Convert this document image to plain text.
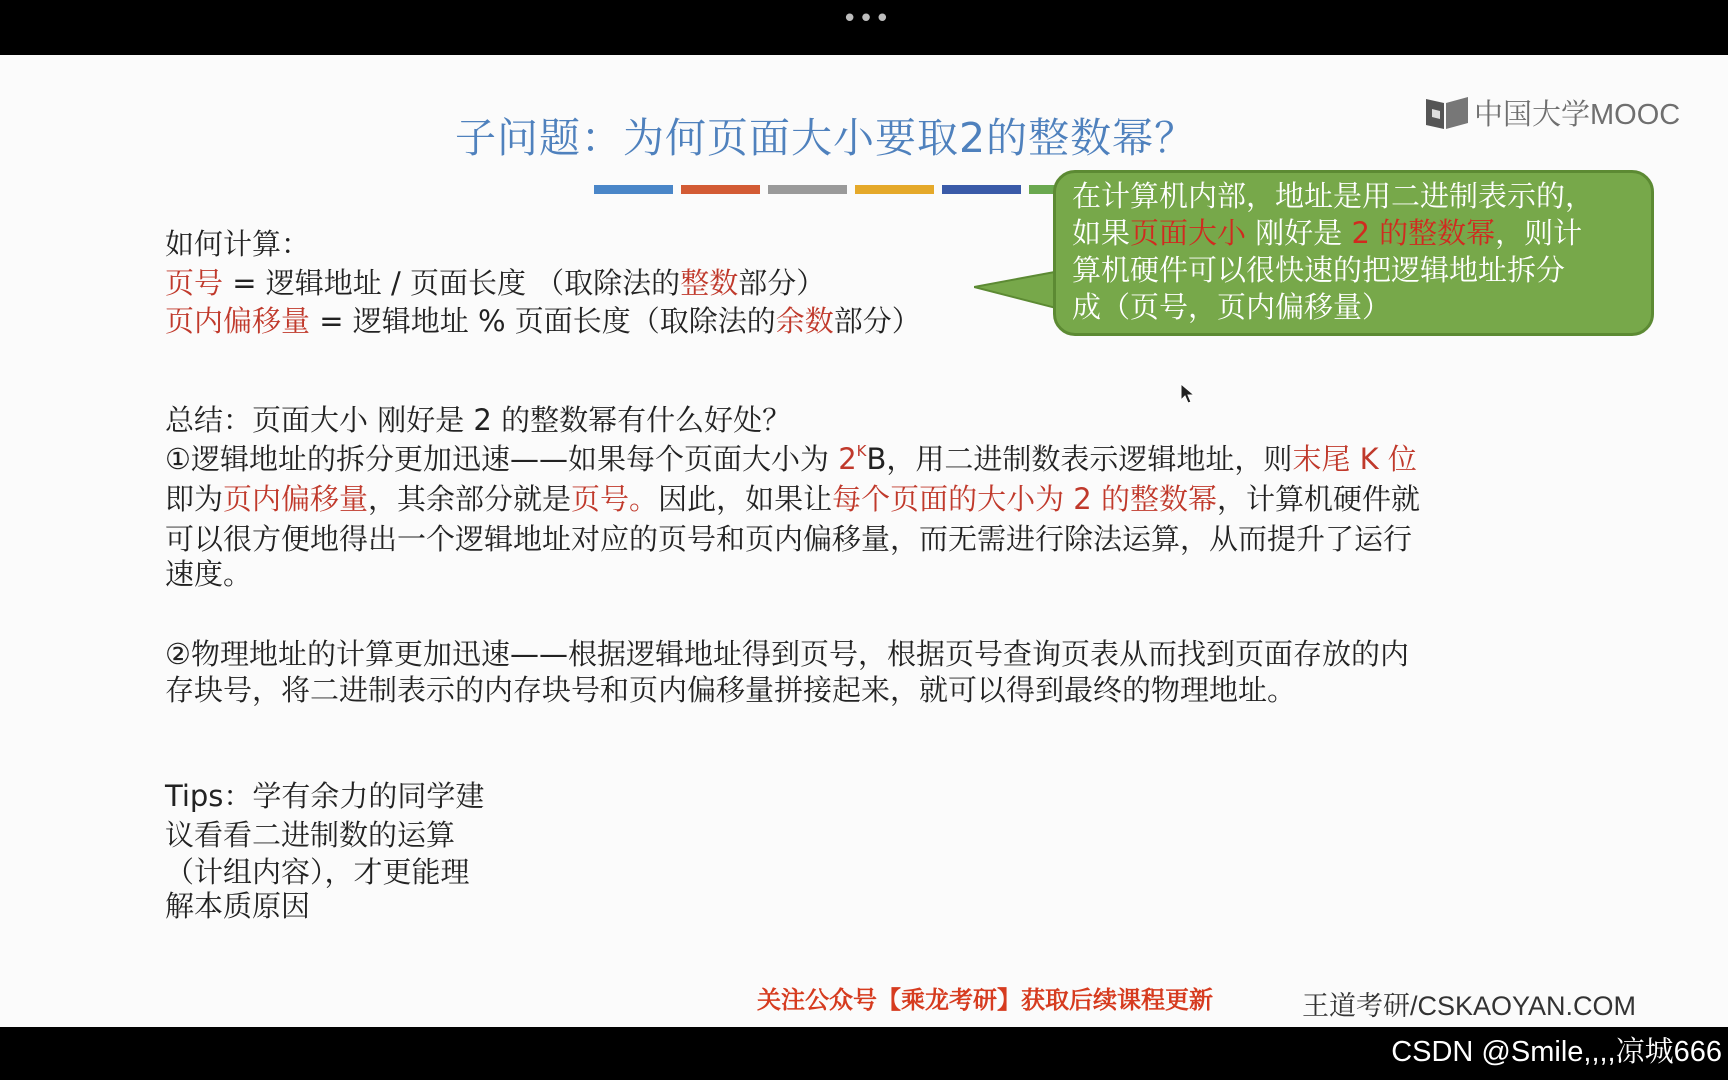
•••
中国大学MOOC
子问题：为何页面大小要取2的整数幂？
如何计算：
页号 = 逻辑地址 / 页面长度 （取除法的整数部分）
页内偏移量 = 逻辑地址 % 页面长度（取除法的余数部分）
在计算机内部，地址是用二进制表示的，
如果页面大小 刚好是 2 的整数幂，则计
算机硬件可以很快速的把逻辑地址拆分
成（页号，页内偏移量）
总结：页面大小 刚好是 2 的整数幂有什么好处？
①逻辑地址的拆分更加迅速——如果每个页面大小为 $2^KB$，用二进制数表示逻辑地址，则末尾 K 位
即为页内偏移量，其余部分就是页号。因此，如果让每个页面的大小为 2 的整数幂，计算机硬件就
可以很方便地得出一个逻辑地址对应的页号和页内偏移量，而无需进行除法运算，从而提升了运行
速度。
②物理地址的计算更加迅速——根据逻辑地址得到页号，根据页号查询页表从而找到页面存放的内
存块号，将二进制表示的内存块号和页内偏移量拼接起来，就可以得到最终的物理地址。
Tips：学有余力的同学建
议看看二进制数的运算
（计组内容），才更能理
解本质原因
关注公众号【乘龙考研】获取后续课程更新	王道考研/CSKAOYAN.COM
CSDN @Smile,,,,凉城666
